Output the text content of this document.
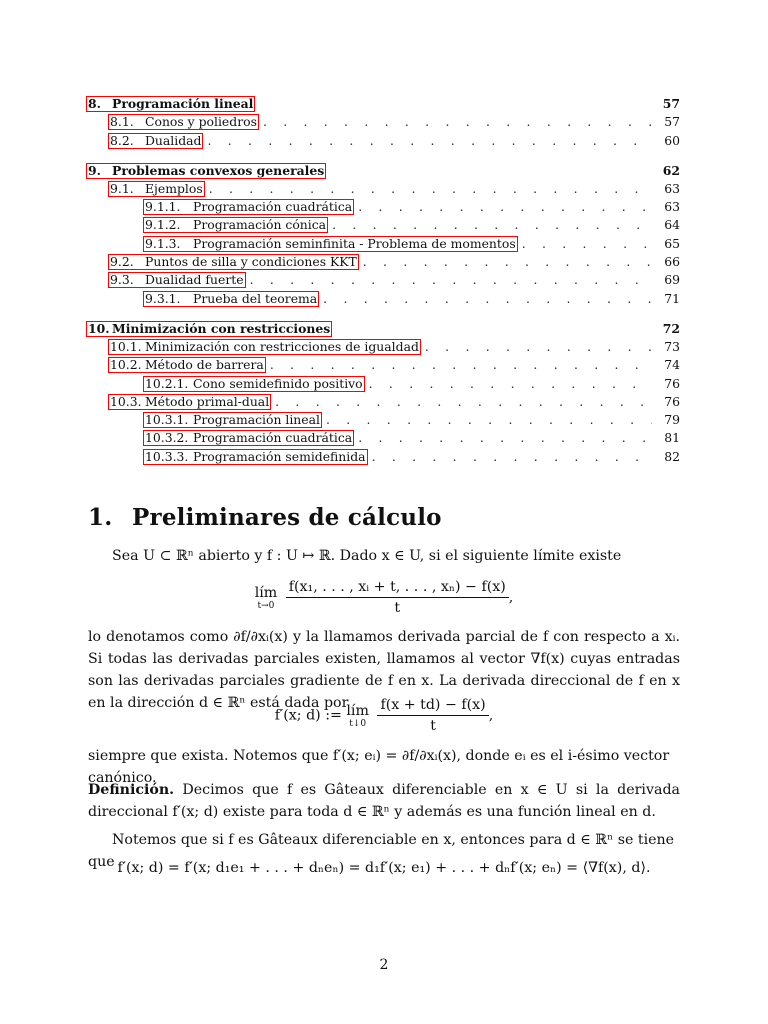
8. Programación lineal	57
8.1. Conos y poliedros . . .	57
8.2. Dualidad . . .	60
9. Problemas convexos generales	62
9.1. Ejemplos . . .	63
9.1.1. Programación cuadrática . . .	63
9.1.2. Programación cónica . . .	64
9.1.3. Programación seminfinita - Problema de momentos . . .	65
9.2. Puntos de silla y condiciones KKT . . .	66
9.3. Dualidad fuerte . . .	69
9.3.1. Prueba del teorema . . .	71
10. Minimización con restricciones	72
10.1. Minimización con restricciones de igualdad . . .	73
10.2. Método de barrera . . .	74
10.2.1. Cono semidefinido positivo . . .	76
10.3. Método primal-dual . . .	76
10.3.1. Programación lineal . . .	79
10.3.2. Programación cuadrática . . .	81
10.3.3. Programación semidefinida . . .	82
1. Preliminares de cálculo
Sea U ⊂ ℝⁿ abierto y f : U ↦ ℝ. Dado x ∈ U, si el siguiente límite existe
lím
t→0
$\frac{\text{f(x₁, . . . , xᵢ + t, . . . , xₙ) − f(x)}}{t}$ ,
lo denotamos como ∂f/∂xᵢ(x) y la llamamos derivada parcial de f con respecto a xᵢ. Si todas las derivadas parciales existen, llamamos al vector ∇f(x) cuyas entradas son las derivadas parciales gradiente de f en x. La derivada direccional de f en x en la dirección d ∈ ℝⁿ está dada por
f′(x; d) := lím
t↓0
$\frac{f(x + td) - f(x)}{t}$ ,
siempre que exista. Notemos que f′(x; eᵢ) = ∂f/∂xᵢ(x), donde eᵢ es el i-ésimo vector canónico.
Definición. Decimos que f es Gâteaux diferenciable en x ∈ U si la derivada direccional f′(x; d) existe para toda d ∈ ℝⁿ y además es una función lineal en d.
Notemos que si f es Gâteaux diferenciable en x, entonces para d ∈ ℝⁿ se tiene que f′(x; d) = f′(x; d₁e₁ + . . . + dₙeₙ) = d₁f′(x; e₁) + . . . + dₙf′(x; eₙ) = ⟨∇f(x), d⟩.
2
